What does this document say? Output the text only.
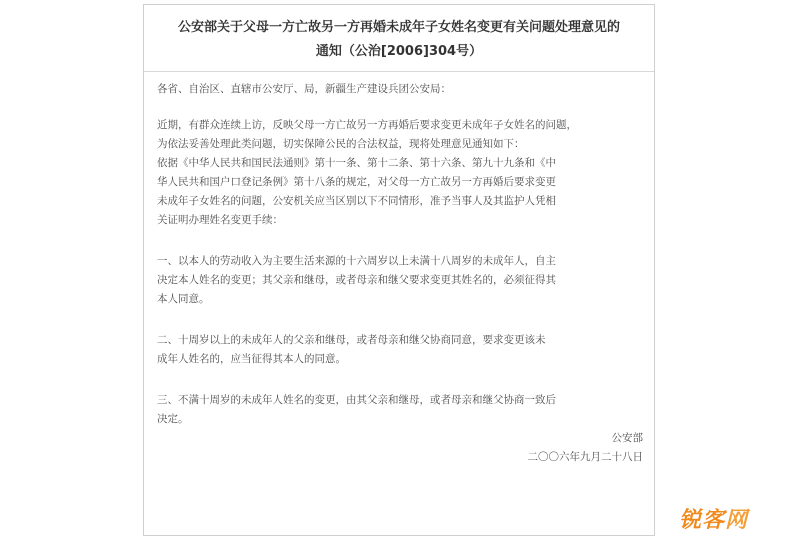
公安部关于父母一方亡故另一方再婚未成年子女姓名变更有关问题处理意见的
通知（公治[2006]304号）

各省、自治区、直辖市公安厅、局，新疆生产建设兵团公安局：

近期，有群众连续上访，反映父母一方亡故另一方再婚后要求变更未成年子女姓名的问题，
为依法妥善处理此类问题，切实保障公民的合法权益，现将处理意见通知如下：
依据《中华人民共和国民法通则》第十一条、第十二条、第十六条、第九十九条和《中
华人民共和国户口登记条例》第十八条的规定，对父母一方亡故另一方再婚后要求变更
未成年子女姓名的问题，公安机关应当区别以下不同情形，准予当事人及其监护人凭相
关证明办理姓名变更手续：

一、以本人的劳动收入为主要生活来源的十六周岁以上未满十八周岁的未成年人，自主
决定本人姓名的变更；其父亲和继母，或者母亲和继父要求变更其姓名的，必须征得其
本人同意。

二、十周岁以上的未成年人的父亲和继母，或者母亲和继父协商同意，要求变更该未
成年人姓名的，应当征得其本人的同意。

三、不满十周岁的未成年人姓名的变更，由其父亲和继母，或者母亲和继父协商一致后
决定。

公安部

二〇〇六年九月二十八日

锐客网
